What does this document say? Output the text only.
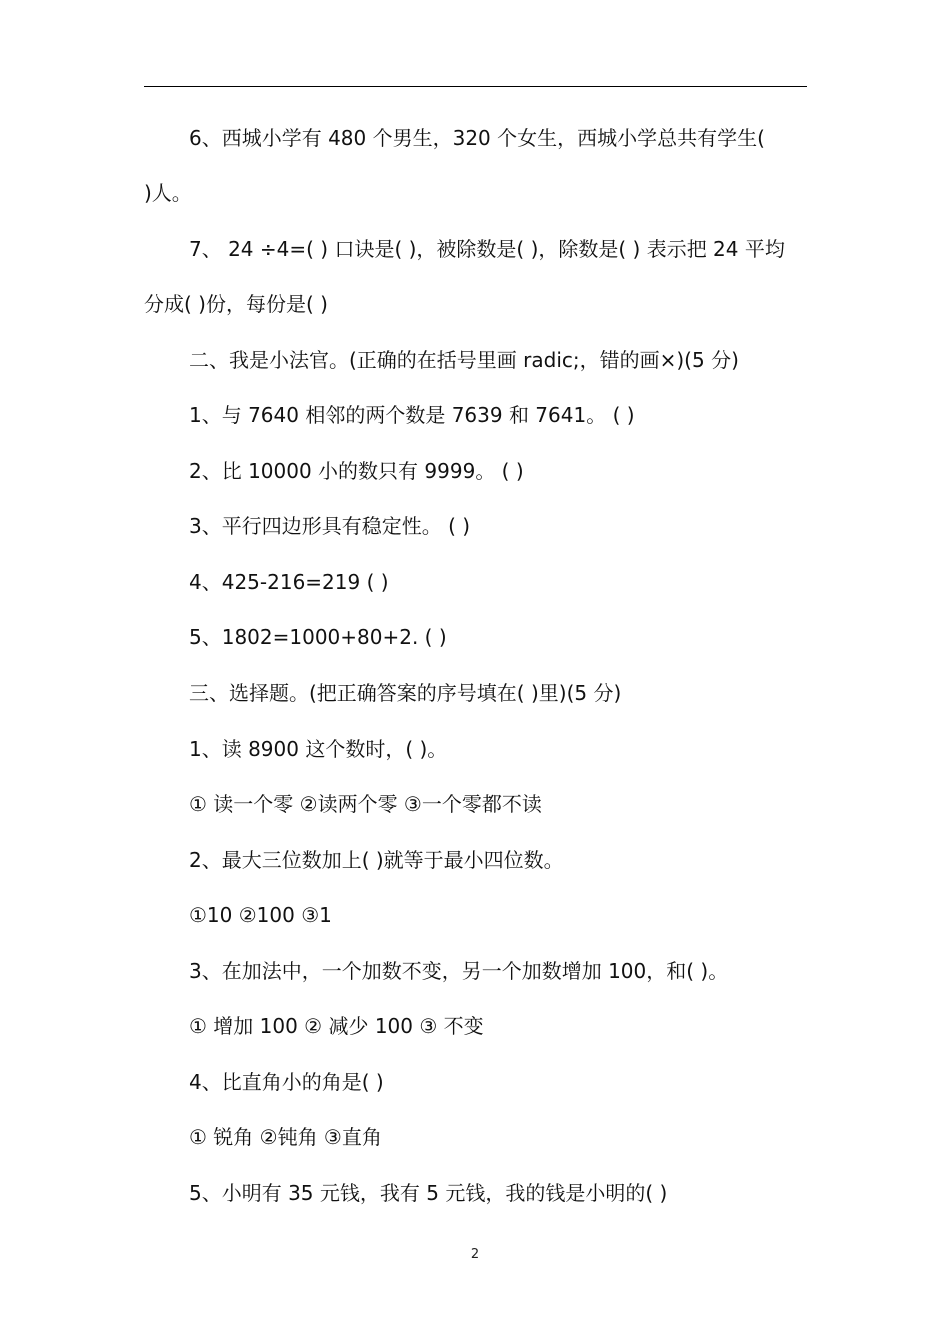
6、西城小学有 480 个男生，320 个女生，西城小学总共有学生(
)人。
7、 24 ÷4=( ) 口诀是( )，被除数是( )，除数是( ) 表示把 24 平均
分成( )份，每份是( )
二、我是小法官。(正确的在括号里画 radic;，错的画×)(5 分)
1、与 7640 相邻的两个数是 7639 和 7641。 ( )
2、比 10000 小的数只有 9999。 ( )
3、平行四边形具有稳定性。 ( )
4、425-216=219 ( )
5、1802=1000+80+2. ( )
三、选择题。(把正确答案的序号填在( )里)(5 分)
1、读 8900 这个数时，( )。
① 读一个零 ②读两个零 ③一个零都不读
2、最大三位数加上( )就等于最小四位数。
①10 ②100 ③1
3、在加法中，一个加数不变，另一个加数增加 100，和( )。
① 增加 100 ② 减少 100 ③ 不变
4、比直角小的角是( )
① 锐角 ②钝角 ③直角
5、小明有 35 元钱，我有 5 元钱，我的钱是小明的( )
2
